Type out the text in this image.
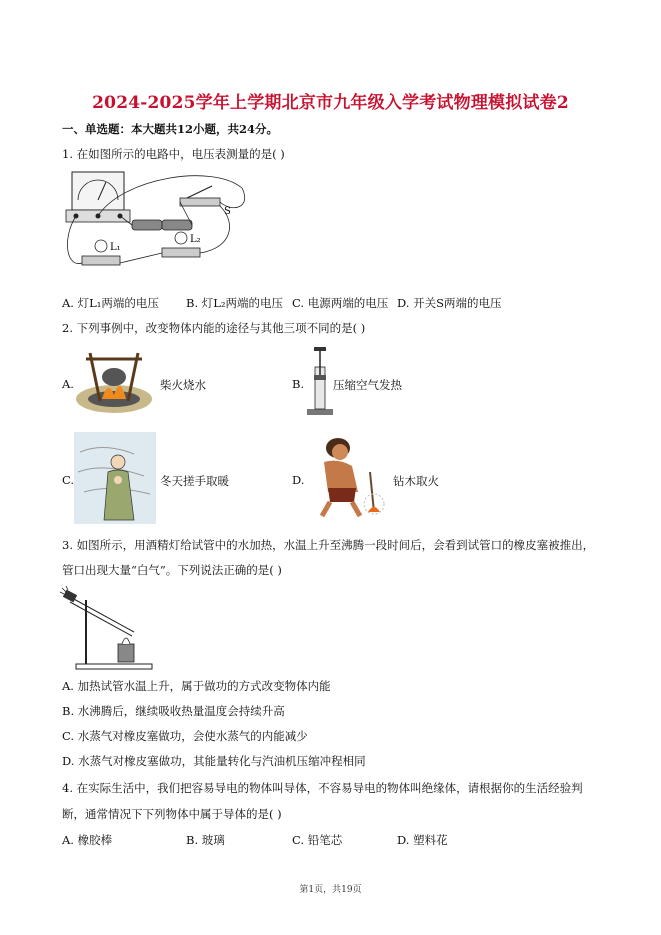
2024-2025学年上学期北京市九年级入学考试物理模拟试卷2
一、单选题：本大题共12小题，共24分。
1. 在如图所示的电路中，电压表测量的是( )
S
L₁
L₂
A. 灯L₁两端的电压 B. 灯L₂两端的电压 C. 电源两端的电压 D. 开关S两端的电压
2. 下列事例中，改变物体内能的途径与其他三项不同的是( )
A.	柴火烧水	B.	压缩空气发热
C.	冬天搓手取暖	D.	钻木取火
3. 如图所示，用酒精灯给试管中的水加热，水温上升至沸腾一段时间后，会看到试管口的橡皮塞被推出，
管口出现大量“白气”。下列说法正确的是( )
A. 加热试管水温上升，属于做功的方式改变物体内能
B. 水沸腾后，继续吸收热量温度会持续升高
C. 水蒸气对橡皮塞做功，会使水蒸气的内能减少
D. 水蒸气对橡皮塞做功，其能量转化与汽油机压缩冲程相同
4. 在实际生活中，我们把容易导电的物体叫导体，不容易导电的物体叫绝缘体，请根据你的生活经验判
断，通常情况下下列物体中属于导体的是( )
A. 橡胶棒	B. 玻璃	C. 铅笔芯	D. 塑料花
第1页，共19页
